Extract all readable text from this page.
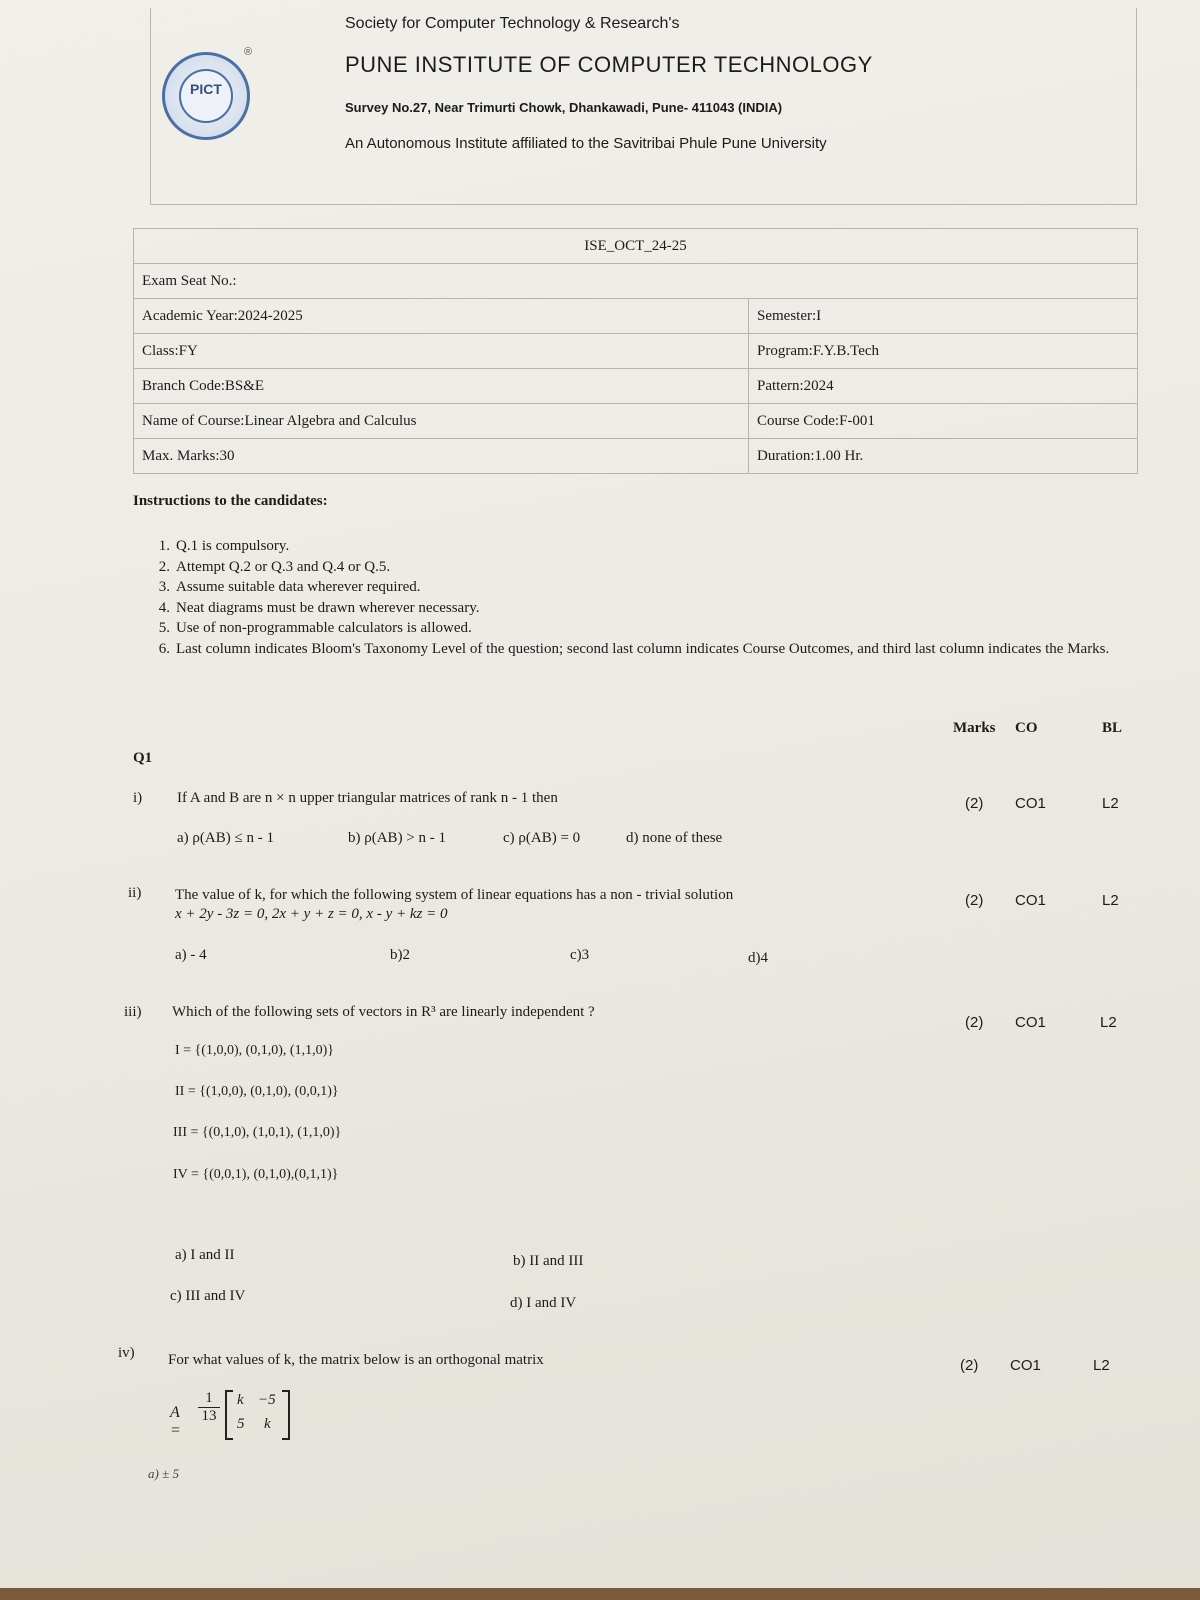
PICT
®
Society for Computer Technology & Research's
PUNE INSTITUTE OF COMPUTER TECHNOLOGY
Survey No.27, Near Trimurti Chowk, Dhankawadi, Pune- 411043 (INDIA)
An Autonomous Institute affiliated to the Savitribai Phule Pune University
ISE_OCT_24-25	
Exam Seat No.:	
Academic Year:2024-2025	Semester:I
Class:FY	Program:F.Y.B.Tech
Branch Code:BS&E	Pattern:2024
Name of Course:Linear Algebra and Calculus	Course Code:F-001
Max. Marks:30	Duration:1.00 Hr.
Instructions to the candidates:
1. Q.1 is compulsory.
2. Attempt Q.2 or Q.3 and Q.4 or Q.5.
3. Assume suitable data wherever required.
4. Neat diagrams must be drawn wherever necessary.
5. Use of non-programmable calculators is allowed.
6. Last column indicates Bloom's Taxonomy Level of the question; second last column indicates Course Outcomes, and third last column indicates the Marks.
Marks CO	BL
Q1
i) If A and B are n × n upper triangular matrices of rank n - 1 then	(2) CO1	L2
a) ρ(AB) ≤ n - 1	b) ρ(AB) > n - 1	c) ρ(AB) = 0	d) none of these
ii) The value of k, for which the following system of linear equations has a non - trivial solution
x + 2y - 3z = 0, 2x + y + z = 0, x - y + kz = 0
(2) CO1	L2
a) - 4	b)2	c)3	d)4
iii) Which of the following sets of vectors in R³ are linearly independent ?
(2) CO1	L2
I = {(1,0,0), (0,1,0), (1,1,0)}
II = {(1,0,0), (0,1,0), (0,0,1)}
III = {(0,1,0), (1,0,1), (1,1,0)}
IV = {(0,0,1), (0,1,0),(0,1,1)}
a) I and II	b) II and III
c) III and IV	d) I and IV
iv) For what values of k, the matrix below is an orthogonal matrix	(2) CO1	L2
A =
$\frac{1}{13}$ k −5
5 k
a) ± 5
